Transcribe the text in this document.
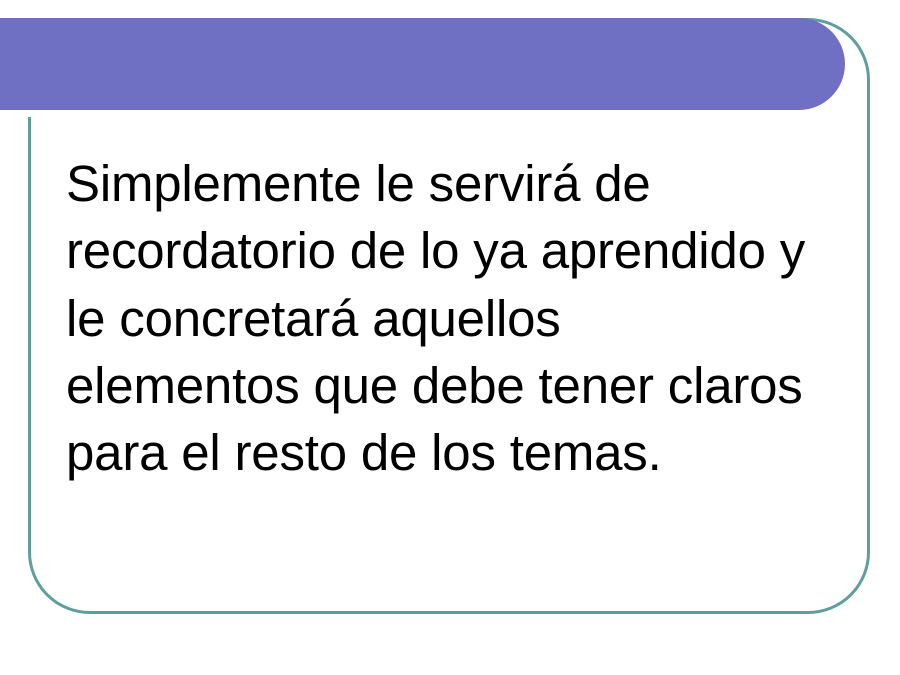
Simplemente le servirá de recordatorio de lo ya aprendido y le concretará aquellos elementos que debe tener claros para el resto de los temas.
